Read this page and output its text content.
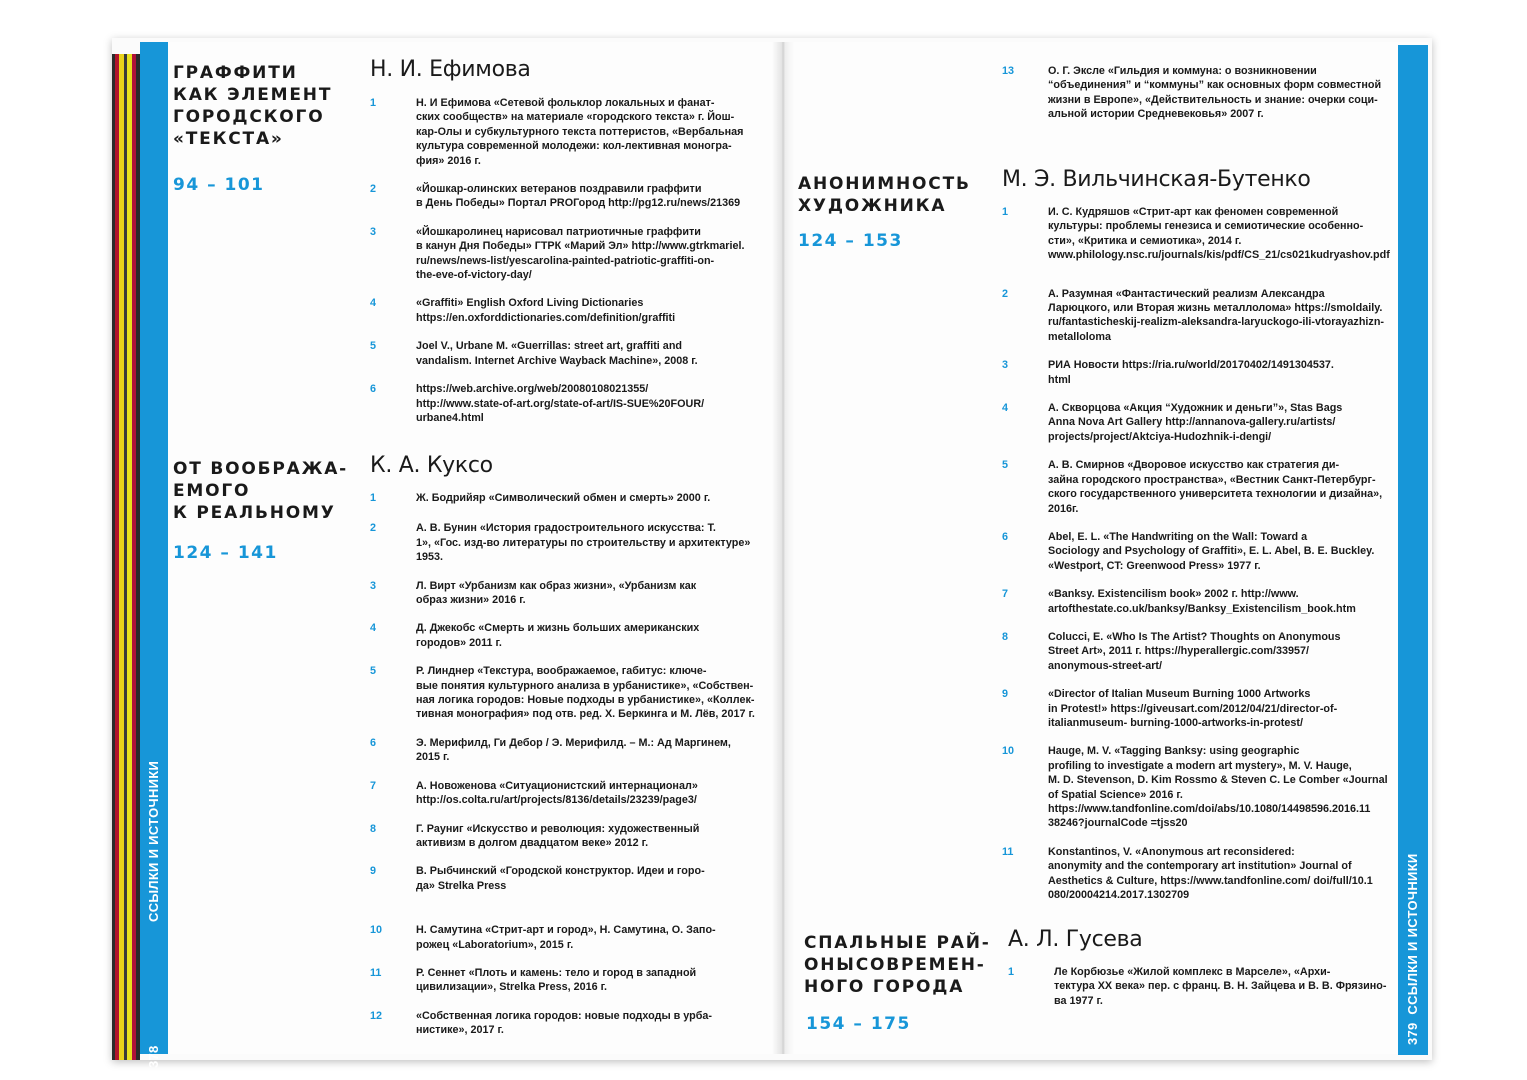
ССЫЛКИ И ИСТОЧНИКИ
378
379  ССЫЛКИ И ИСТОЧНИКИ
ГРАФФИТИ
КАК ЭЛЕМЕНТ
ГОРОДСКОГО
«ТЕКСТА»
94 – 101
Н. И. Ефимова
1	Н. И Ефимова «Сетевой фольклор локальных и фанат-
ских сообществ» на материале «городского текста» г. Йош-
кар-Олы и субкультурного текста поттеристов, «Вербальная
культура современной молодежи: кол-лективная моногра-
фия» 2016 г.
2	«Йошкар-олинских ветеранов поздравили граффити
в День Победы» Портал PROГород http://pg12.ru/news/21369
3	«Йошкаролинец нарисовал патриотичные граффити
в канун Дня Победы» ГТРК «Марий Эл» http://www.gtrkmariel.
ru/news/news-list/yescarolina-painted-patriotic-graffiti-on-
the-eve-of-victory-day/
4	«Graffiti» English Oxford Living Dictionaries
https://en.oxforddictionaries.com/definition/graffiti
5	Joel V., Urbane M. «Guerrillas: street art, graffiti and
vandalism. Internet Archive Wayback Machine», 2008 г.
6	https://web.archive.org/web/20080108021355/
http://www.state-of-art.org/state-of-art/IS-SUE%20FOUR/
urbane4.html
ОТ ВООБРАЖА-
ЕМОГО
К РЕАЛЬНОМУ
124 – 141
К. А. Куксо
1	Ж. Бодрийяр «Символический обмен и смерть» 2000 г.
2	А. В. Бунин «История градостроительного искусства: Т.
1», «Гос. изд-во литературы по строительству и архитектуре»
1953.
3	Л. Вирт «Урбанизм как образ жизни», «Урбанизм как
образ жизни» 2016 г.
4	Д. Джекобс «Смерть и жизнь больших американских
городов» 2011 г.
5	Р. Линднер «Текстура, воображаемое, габитус: ключе-
вые понятия культурного анализа в урбанистике», «Собствен-
ная логика городов: Новые подходы в урбанистике», «Коллек-
тивная монография» под отв. ред. Х. Беркинга и М. Лёв, 2017 г.
6	Э. Мерифилд, Ги Дебор / Э. Мерифилд. – М.: Ад Маргинем,
2015 г.
7	А. Новоженова «Ситуационистский интернационал»
http://os.colta.ru/art/projects/8136/details/23239/page3/
8	Г. Рауниг «Искусство и революция: художественный
активизм в долгом двадцатом веке» 2012 г.
9	В. Рыбчинский «Городской конструктор. Идеи и горо-
да» Strelka Press
10	Н. Самутина «Стрит-арт и город», Н. Самутина, О. Запо-
рожец «Laboratorium», 2015 г.
11	Р. Сеннет «Плоть и камень: тело и город в западной
цивилизации», Strelka Press, 2016 г.
12	«Собственная логика городов: новые подходы в урба-
нистике», 2017 г.
13	О. Г. Эксле «Гильдия и коммуна: о возникновении
“объединения” и “коммуны” как основных форм совместной
жизни в Европе», «Действительность и знание: очерки соци-
альной истории Средневековья» 2007 г.
АНОНИМНОСТЬ
ХУДОЖНИКА
124 – 153
М. Э. Вильчинская-Бутенко
1	И. С. Кудряшов «Стрит-арт как феномен современной
культуры: проблемы генезиса и семиотические особенно-
сти», «Критика и семиотика», 2014 г.
www.philology.nsc.ru/journals/kis/pdf/CS_21/cs021kudryashov.pdf
2	А. Разумная «Фантастический реализм Александра
Ларюцкого, или Вторая жизнь металлолома» https://smoldaily.
ru/fantasticheskij-realizm-aleksandra-laryuckogo-ili-vtorayazhizn-
metalloloma
3	РИА Новости https://ria.ru/world/20170402/1491304537.
html
4	А. Скворцова «Акция “Художник и деньги”», Stas Bags
Anna Nova Art Gallery http://annanova-gallery.ru/artists/
projects/project/Aktciya-Hudozhnik-i-dengi/
5	А. В. Смирнов «Дворовое искусство как стратегия ди-
зайна городского пространства», «Вестник Санкт-Петербург-
ского государственного университета технологии и дизайна»,
2016г.
6	Abel, E. L. «The Handwriting on the Wall: Toward a
Sociology and Psychology of Graffiti», E. L. Abel, B. E. Buckley.
«Westport, CT: Greenwood Press» 1977 г.
7	«Banksy. Existencilism book» 2002 г. http://www.
artofthestate.co.uk/banksy/Banksy_Existencilism_book.htm
8	Colucci, E. «Who Is The Artist? Thoughts on Anonymous
Street Art», 2011 г. https://hyperallergic.com/33957/
anonymous-street-art/
9	«Director of Italian Museum Burning 1000 Artworks
in Protest!» https://giveusart.com/2012/04/21/director-of-
italianmuseum- burning-1000-artworks-in-protest/
10	Hauge, M. V. «Tagging Banksy: using geographic
profiling to investigate a modern art mystery», M. V. Hauge,
M. D. Stevenson, D. Kim Rossmo & Steven C. Le Comber «Journal
of Spatial Science» 2016 г.
https://www.tandfonline.com/doi/abs/10.1080/14498596.2016.11
38246?journalCode =tjss20
11	Konstantinos, V. «Anonymous art reconsidered:
anonymity and the contemporary art institution» Journal of
Aesthetics & Culture, https://www.tandfonline.com/ doi/full/10.1
080/20004214.2017.1302709
СПАЛЬНЫЕ РАЙ-
ОНЫСОВРЕМЕН-
НОГО ГОРОДА
154 – 175
А. Л. Гусева
1	Ле Корбюзье «Жилой комплекс в Марселе», «Архи-
тектура XX века» пер. с франц. В. Н. Зайцева и В. В. Фрязино-
ва 1977 г.
